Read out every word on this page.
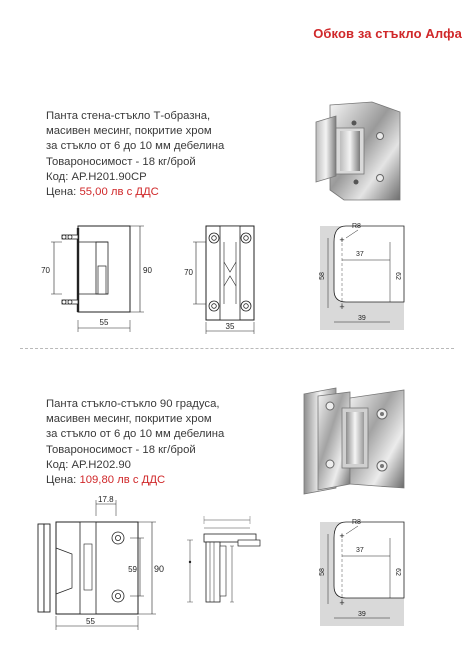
Обков за стъкло Алфа
Панта стена-стъкло Т-образна,
масивен месинг, покритие хром
за стъкло от 6 до 10 мм дебелина
Товароносимост - 18 кг/брой
Код: AP.H201.90CP
Цена: 55,00 лв с ДДС
70	90
55
70
35
+
+
R8
37
58	62
39
Панта стъкло-стъкло 90 градуса,
масивен месинг, покритие хром
за стъкло от 6 до 10 мм дебелина
Товароносимост - 18 кг/брой
Код: AP.H202.90
Цена: 109,80 лв с ДДС
17.8
59 90
55
+
+
R8
37
58	62
39
